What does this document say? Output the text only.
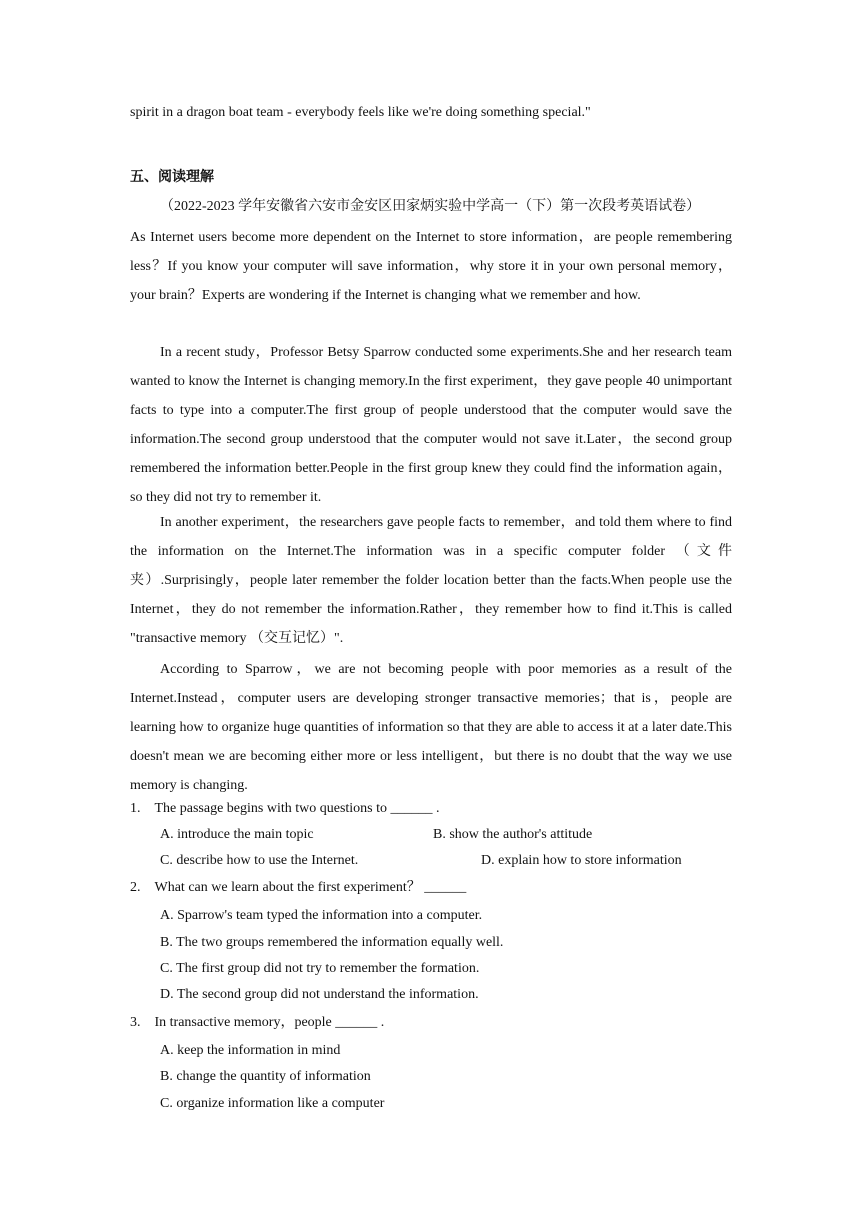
spirit in a dragon boat team - everybody feels like we're doing something special."
五、阅读理解
（2022-2023 学年安徽省六安市金安区田家炳实验中学高一（下）第一次段考英语试卷）

As Internet users become more dependent on the Internet to store information，are people remembering less？If you know your computer will save information，why store it in your own personal memory，your brain？Experts are wondering if the Internet is changing what we remember and how.

In a recent study，Professor Betsy Sparrow conducted some experiments.She and her research team wanted to know the Internet is changing memory.In the first experiment，they gave people 40 unimportant facts to type into a computer.The first group of people understood that the computer would save the information.The second group understood that the computer would not save it.Later，the second group remembered the information better.People in the first group knew they could find the information again，so they did not try to remember it.

In another experiment，the researchers gave people facts to remember，and told them where to find the information on the Internet.The information was in a specific computer folder （文件夹）.Surprisingly，people later remember the folder location better than the facts.When people use the Internet，they do not remember the information.Rather，they remember how to find it.This is called "transactive memory （交互记忆）".

According to Sparrow，we are not becoming people with poor memories as a result of the Internet.Instead，computer users are developing stronger transactive memories；that is，people are learning how to organize huge quantities of information so that they are able to access it at a later date.This doesn't mean we are becoming either more or less intelligent，but there is no doubt that the way we use memory is changing.

1. The passage begins with two questions to ______ .
A. introduce the main topic	B. show the author's attitude
C. describe how to use the Internet.	D. explain how to store information
2. What can we learn about the first experiment？ ______
A. Sparrow's team typed the information into a computer.
B. The two groups remembered the information equally well.
C. The first group did not try to remember the formation.
D. The second group did not understand the information.
3. In transactive memory，people ______ .
A. keep the information in mind
B. change the quantity of information
C. organize information like a computer
